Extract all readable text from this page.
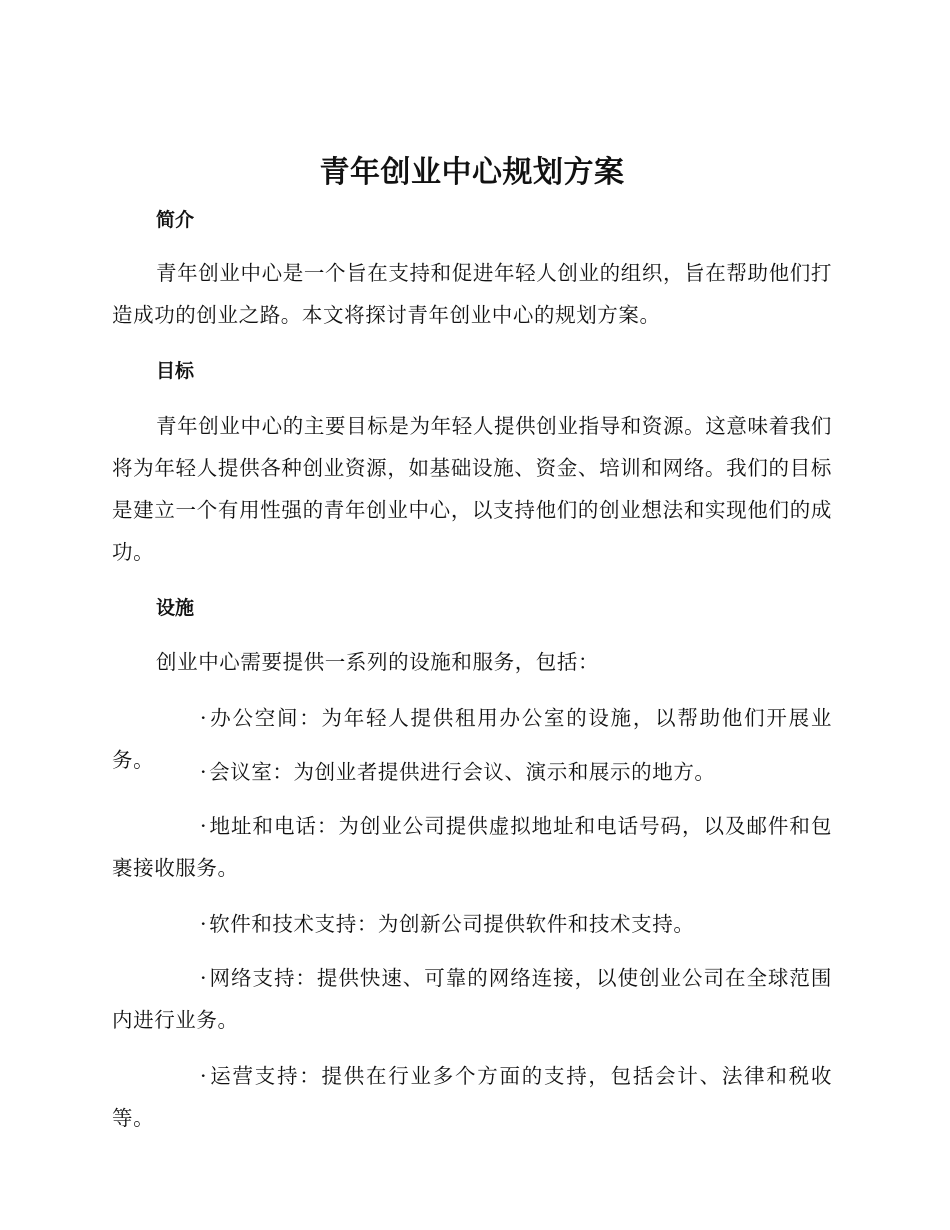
青年创业中心规划方案
简介

青年创业中心是一个旨在支持和促进年轻人创业的组织，旨在帮助他们打造成功的创业之路。本文将探讨青年创业中心的规划方案。

目标

青年创业中心的主要目标是为年轻人提供创业指导和资源。这意味着我们将为年轻人提供各种创业资源，如基础设施、资金、培训和网络。我们的目标是建立一个有用性强的青年创业中心，以支持他们的创业想法和实现他们的成功。

设施

创业中心需要提供一系列的设施和服务，包括：

·办公空间：为年轻人提供租用办公室的设施，以帮助他们开展业务。	·会议室：为创业者提供进行会议、演示和展示的地方。

·地址和电话：为创业公司提供虚拟地址和电话号码，以及邮件和包裹接收服务。

·软件和技术支持：为创新公司提供软件和技术支持。

·网络支持：提供快速、可靠的网络连接，以使创业公司在全球范围内进行业务。

·运营支持：提供在行业多个方面的支持，包括会计、法律和税收等。
